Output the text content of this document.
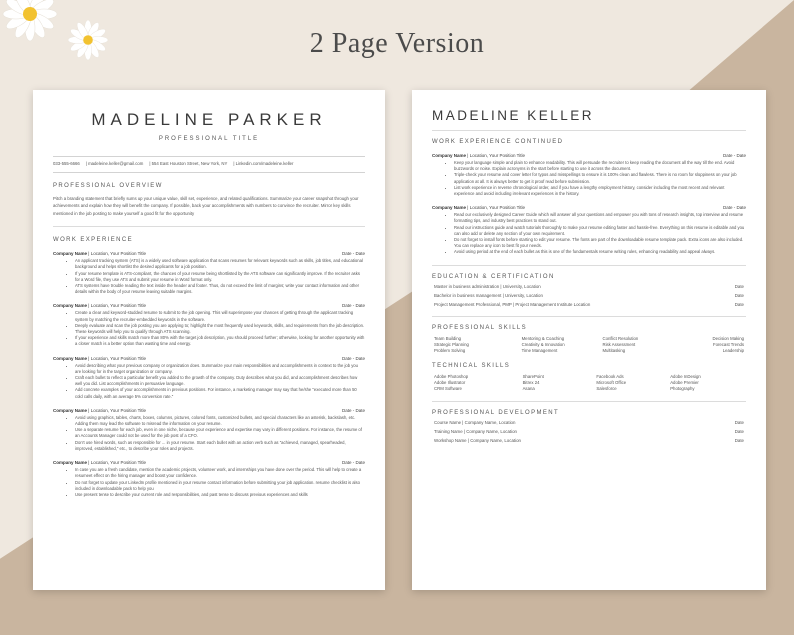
2 Page Version
MADELINE PARKER
PROFESSIONAL TITLE
033-555-6666 | madeleine.keller@gmail.com | 554 East Houston Street, New York, NY | Linkedin.com/madeleine.keller
PROFESSIONAL OVERVIEW
Pitch a branding statement that briefly sums up your unique value, skill set, experience, and related qualifications. Summarize your career snapshot through your achievements and explain how they will benefit the company. If possible, back your accomplishments with numbers to convince the recruiter. Mirror key skills mentioned in the job posting to make yourself a good fit for the opportunity
WORK EXPERIENCE
Company Name | Location, Your Position Title	Date - Date
• An applicant tracking system (ATS) is a widely used software application that scans resumes for relevant keywords such as skills, job titles, and educational background and helps shortlist the desired applicants for a job position.
• If your resume template is ATS-compliant, the chances of your resume being shortlisted by the ATS software can significantly improve. If the recruiter asks for a Word file, they use ATS and submit your resume in Word format only.
• ATS systems have trouble reading the text inside the header and footer. Thus, do not exceed the limit of margins; write your contact information and other details within the body of your resume leaving suitable margins.
Company Name | Location, Your Position Title	Date - Date
• Create a clear and keyword-studded resume to submit to the job opening. This will superimpose your chances of getting through the applicant tracking system by matching the recruiter-embedded keywords in the software.
• Deeply evaluate and scan the job posting you are applying to; highlight the most frequently used keywords, skills, and requirements from the job description. These keywords will help you to qualify through ATS scanning.
• If your experience and skills match more than 80% with the target job description, you should proceed further; otherwise, looking for another opportunity with a closer match is a better option than wasting time and energy.
Company Name | Location, Your Position Title	Date - Date
• Avoid describing what your previous company or organization does. Summarize your main responsibilities and accomplishments in context to the job you are looking for in the target organization or company.
• Craft each bullet to reflect a particular benefit you added to the growth of the company. Duty describes what you did, and accomplishment describes how well you did. List accomplishments in persuasive language.
• Add concrete examples of your accomplishments in previous positions. For instance, a marketing manager may say that he/she "executed more than 50 cold calls daily, with an average 5% conversion rate."
Company Name | Location, Your Position Title	Date - Date
• Avoid using graphics, tables, charts, boxes, columns, pictures, colored fonts, customized bullets, and special characters like an asterisk, backslash, etc. Adding them may lead the software to misread the information on your resume.
• Use a separate resume for each job, even in one niche, because your experience and expertise may vary in different positions. For instance, the resume of an Accounts Manager could not be used for the job post of a CFO.
• Don't use hired words, such as responsible for ... in your resume. Start each bullet with an action verb such as "achieved, managed, spearheaded, improved, established," etc., to describe your roles and projects.
Company Name | Location, Your Position Title	Date - Date
• In case you are a fresh candidate, mention the academic projects, volunteer work, and internships you have done over the period. This will help to create a resumeet effect on the hiring manager and boost your confidence.
• Do not forget to update your LinkedIn profile mentioned in your resume contact information before submitting your job application. resume checklist is also included in downloadable pack to help you
• Use present tense to describe your current role and responsibilities, and past tense to discuss previous experiences and skills
MADELINE KELLER
WORK EXPERIENCE CONTINUED
Company Name | Location, Your Position Title	Date - Date
• Keep your language simple and plain to enhance readability. This will persuade the recruiter to keep reading the document all the way till the end. Avoid buzzwords or noise. Explain acronyms in the start before starting to use it across the document.
• Triple-check your resume and cover letter for typos and misspellings to ensure it is 100% clean and flawless. There is no room for sloppiness on your job application at all. It is always better to get it proof read before submission.
• List work experience in reverse chronological order, and if you have a lengthy employment history, consider including the most recent and relevant experience and avoid including irrelevant experiences in the history.
Company Name | Location, Your Position Title	Date - Date
• Read our exclusively designed Career Guide which will answer all your questions and empower you with tons of research insights, top interview and resume formatting tips, and industry best practices to stand out.
• Read our instructions guide and watch tutorials thoroughly to make your resume editing faster and hassle-free. Everything on this resume is editable and you can also add or delete any section of your own requirement.
• Do not forget to install fonts before starting to edit your resume. The fonts are part of the downloadable resume template pack. Extra icons are also included. You can replace any icon to best fit your needs.
• Avoid using period at the end of each bullet as this is one of the fundamentals resume writing rules, enhancing readability and appeal always.
EDUCATION & CERTIFICATION
Master in business administration | University, Location	Date
Bachelor in business management | University, Location	Date
Project Management Professional, PMP | Project Management Institute Location	Date
PROFESSIONAL SKILLS
Team Building	Mentoring & Coaching	Conflict Resolution	Decision Making
Strategic Planning	Creativity & Innovation	Risk Assessment	Forecast Trends
Problem Solving	Time Management	Multitasking	Leadership
TECHNICAL SKILLS
Adobe Photoshop	SharePoint	Facebook Ads	Adobe InDesign
Adobe Illustrator	Bitrex 24	Microsoft Office	Adobe Premier
CRM Software	Asana	Salesforce	Photography
PROFESSIONAL DEVELOPMENT
Course Name | Company Name, Location	Date
Training Name | Company Name, Location	Date
Workshop Name | Company Name, Location	Date
